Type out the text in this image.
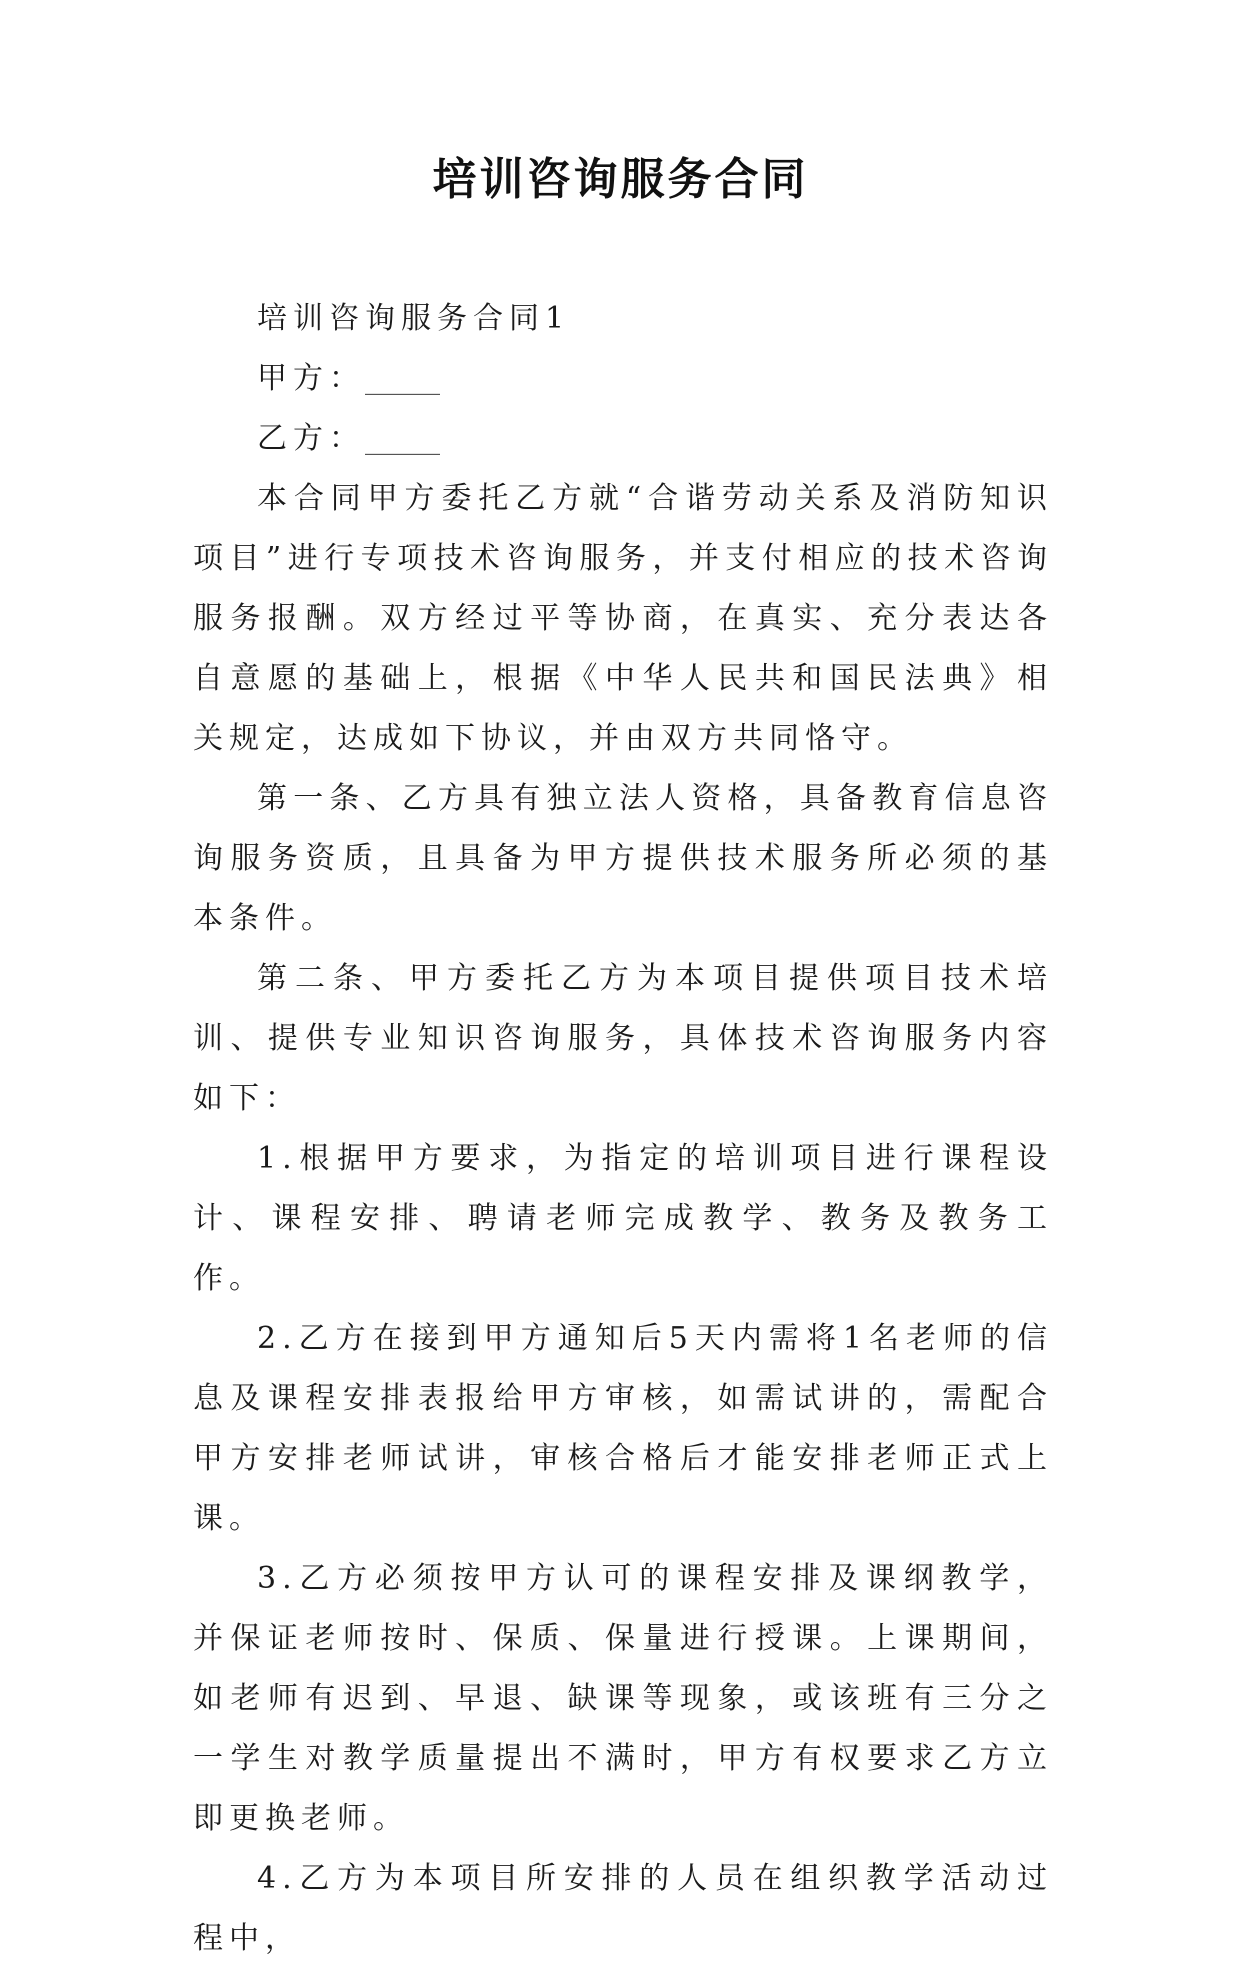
培训咨询服务合同

培训咨询服务合同1

甲方：_____

乙方：_____

本合同甲方委托乙方就“合谐劳动关系及消防知识项目”进行专项技术咨询服务，并支付相应的技术咨询服务报酬。双方经过平等协商，在真实、充分表达各自意愿的基础上，根据《中华人民共和国民法典》相关规定，达成如下协议，并由双方共同恪守。

第一条、乙方具有独立法人资格，具备教育信息咨询服务资质，且具备为甲方提供技术服务所必须的基本条件。

第二条、甲方委托乙方为本项目提供项目技术培训、提供专业知识咨询服务，具体技术咨询服务内容如下：

1.根据甲方要求，为指定的培训项目进行课程设计、课程安排、聘请老师完成教学、教务及教务工作。

2.乙方在接到甲方通知后5天内需将1名老师的信息及课程安排表报给甲方审核，如需试讲的，需配合甲方安排老师试讲，审核合格后才能安排老师正式上课。

3.乙方必须按甲方认可的课程安排及课纲教学，并保证老师按时、保质、保量进行授课。上课期间，如老师有迟到、早退、缺课等现象，或该班有三分之一学生对教学质量提出不满时，甲方有权要求乙方立即更换老师。

4.乙方为本项目所安排的人员在组织教学活动过程中，
